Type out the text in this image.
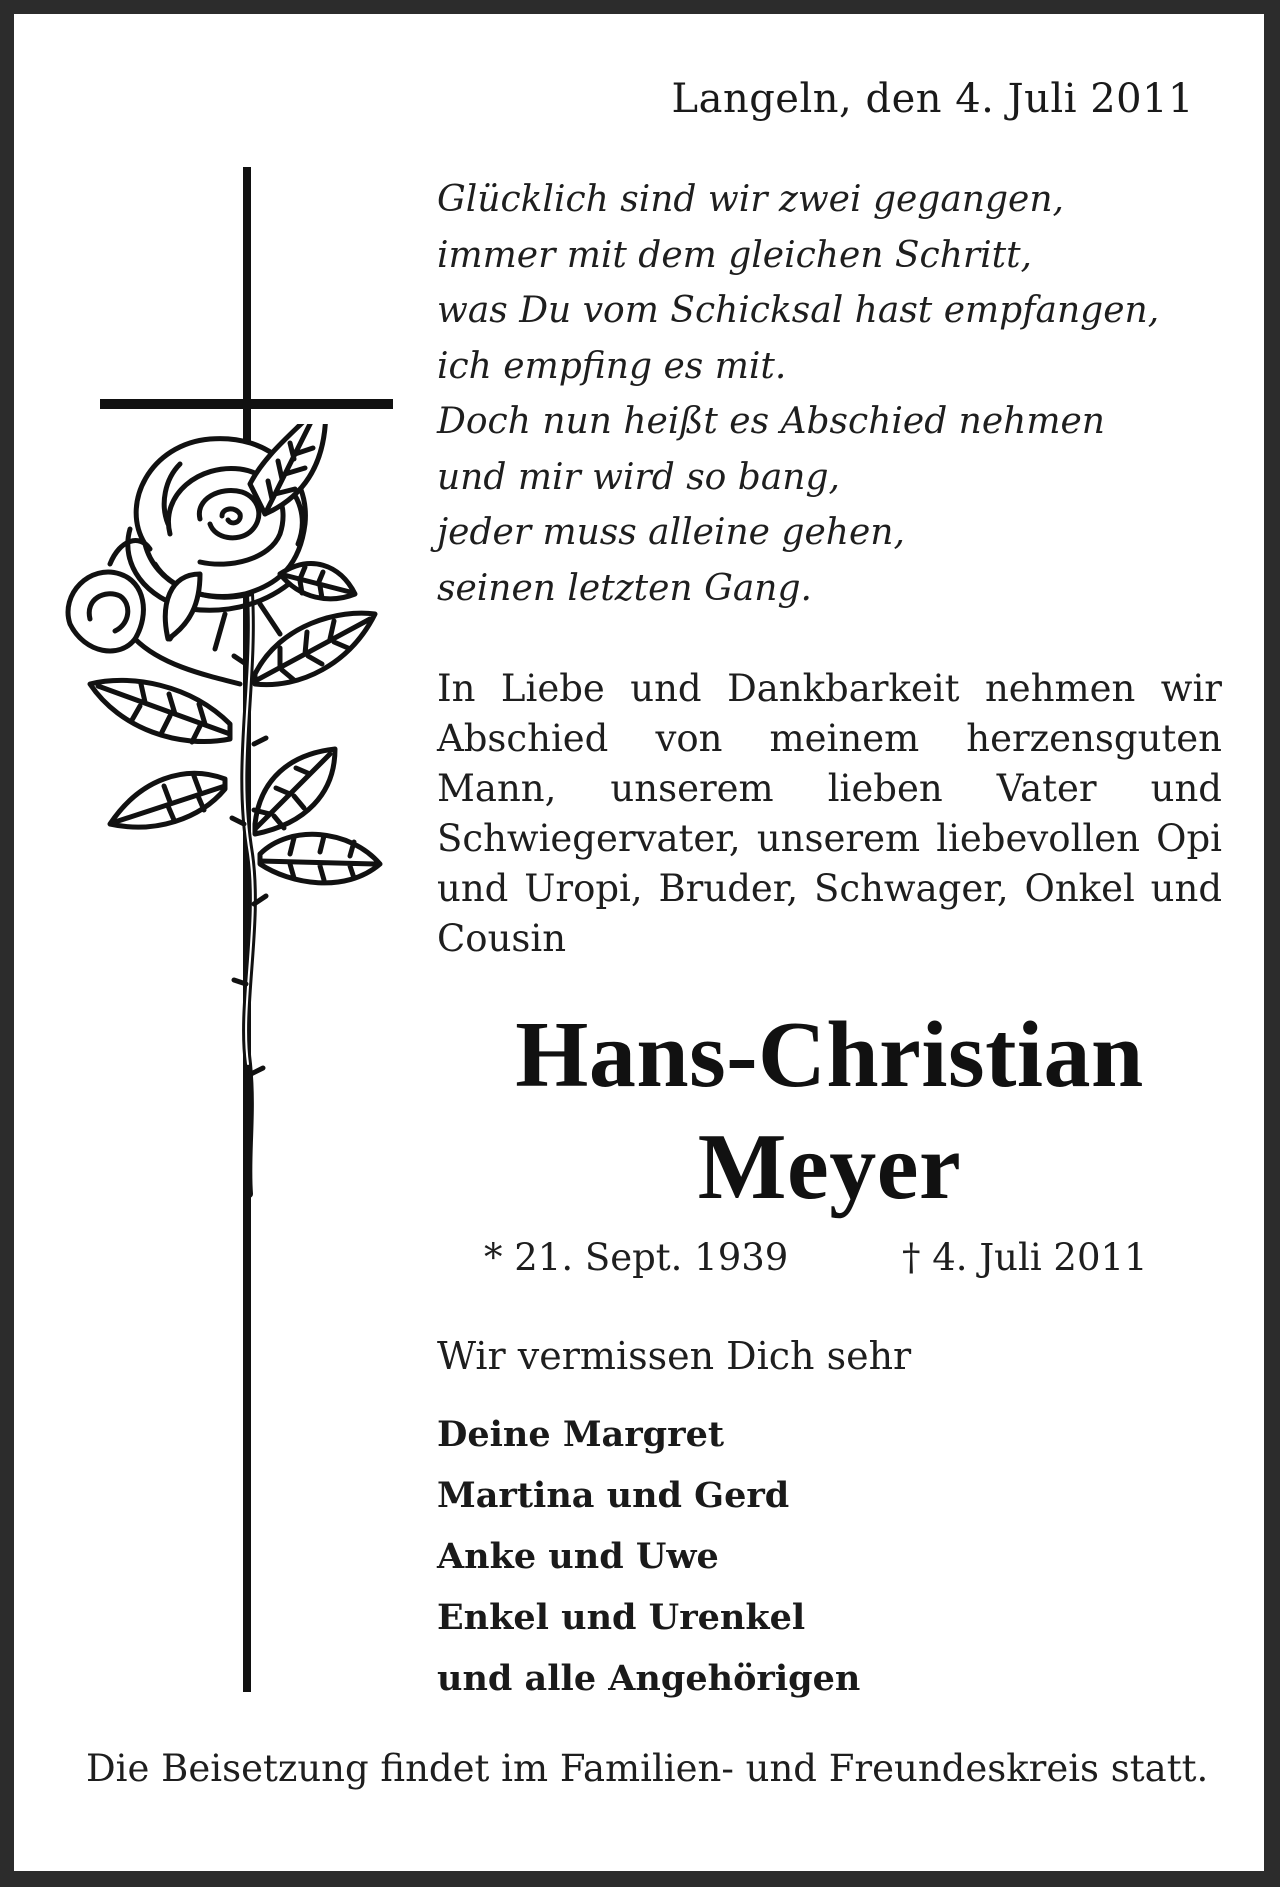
Langeln, den 4. Juli 2011
Glücklich sind wir zwei gegangen,
immer mit dem gleichen Schritt,
was Du vom Schicksal hast empfangen,
ich empfing es mit.
Doch nun heißt es Abschied nehmen
und mir wird so bang,
jeder muss alleine gehen,
seinen letzten Gang.
In Liebe und Dankbarkeit nehmen wir Abschied von meinem herzensguten Mann, unserem lieben Vater und Schwiegervater, unserem liebevollen Opi und Uropi, Bruder, Schwager, Onkel und Cousin
Hans-Christian
Meyer
* 21. Sept. 1939	† 4. Juli 2011
Wir vermissen Dich sehr
Deine Margret
Martina und Gerd
Anke und Uwe
Enkel und Urenkel
und alle Angehörigen
Die Beisetzung findet im Familien- und Freundeskreis statt.
